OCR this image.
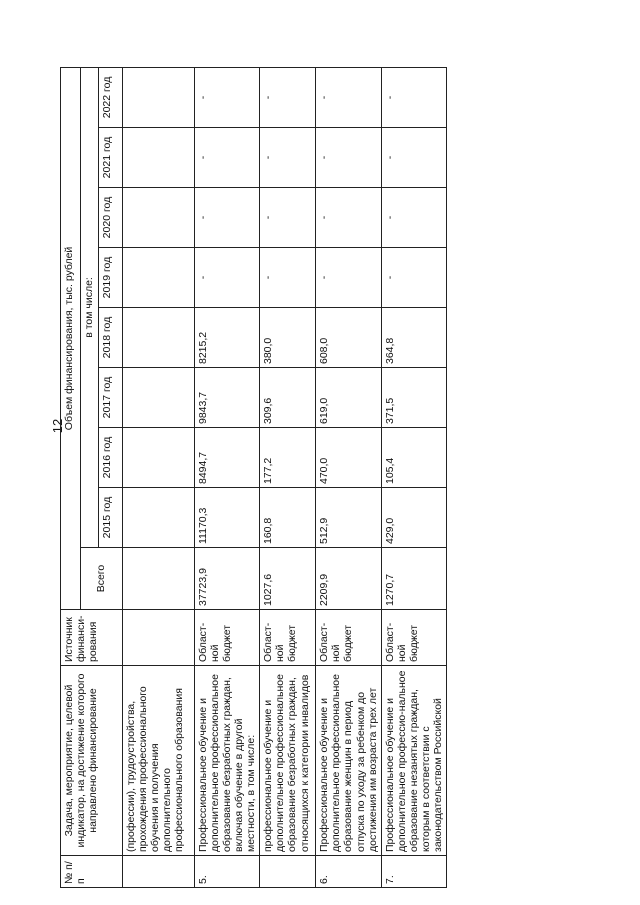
12
№ п/п	Задача, мероприятие, целевой индикатор, на достижение которого направлено финансирование	Источник финанси-рования	Объем финансирования, тыс. рублей								
			Всего	в том числе:							
				2015 год	2016 год	2017 год	2018 год	2019 год	2020 год	2021 год	2022 год
	(профессии), трудоустройства, прохождения профессионального обучения и получения дополнительного профессионального образования										
5.	Профессиональное обучение и дополнительное профессиональное образование безработных граждан, включая обучение в другой местности, в том числе:	Област-ной бюджет	37723,9	11170,3	8494,7	9843,7	8215,2	-	-	-	-
	профессиональное обучение и дополнительное профессиональное образование безработных граждан, относящихся к категории инвалидов	Област-ной бюджет	1027,6	160,8	177,2	309,6	380,0	-	-	-	-
6.	Профессиональное обучение и дополнительное профессиональное образование женщин в период отпуска по уходу за ребенком до достижения им возраста трех лет	Област-ной бюджет	2209,9	512,9	470,0	619,0	608,0	-	-	-	-
7.	Профессиональное обучение и дополнительное профессио-нальное образование незанятых граждан, которым в соответствии с законодательством Российской	Област-ной бюджет	1270,7	429,0	105,4	371,5	364,8	-	-	-	-
